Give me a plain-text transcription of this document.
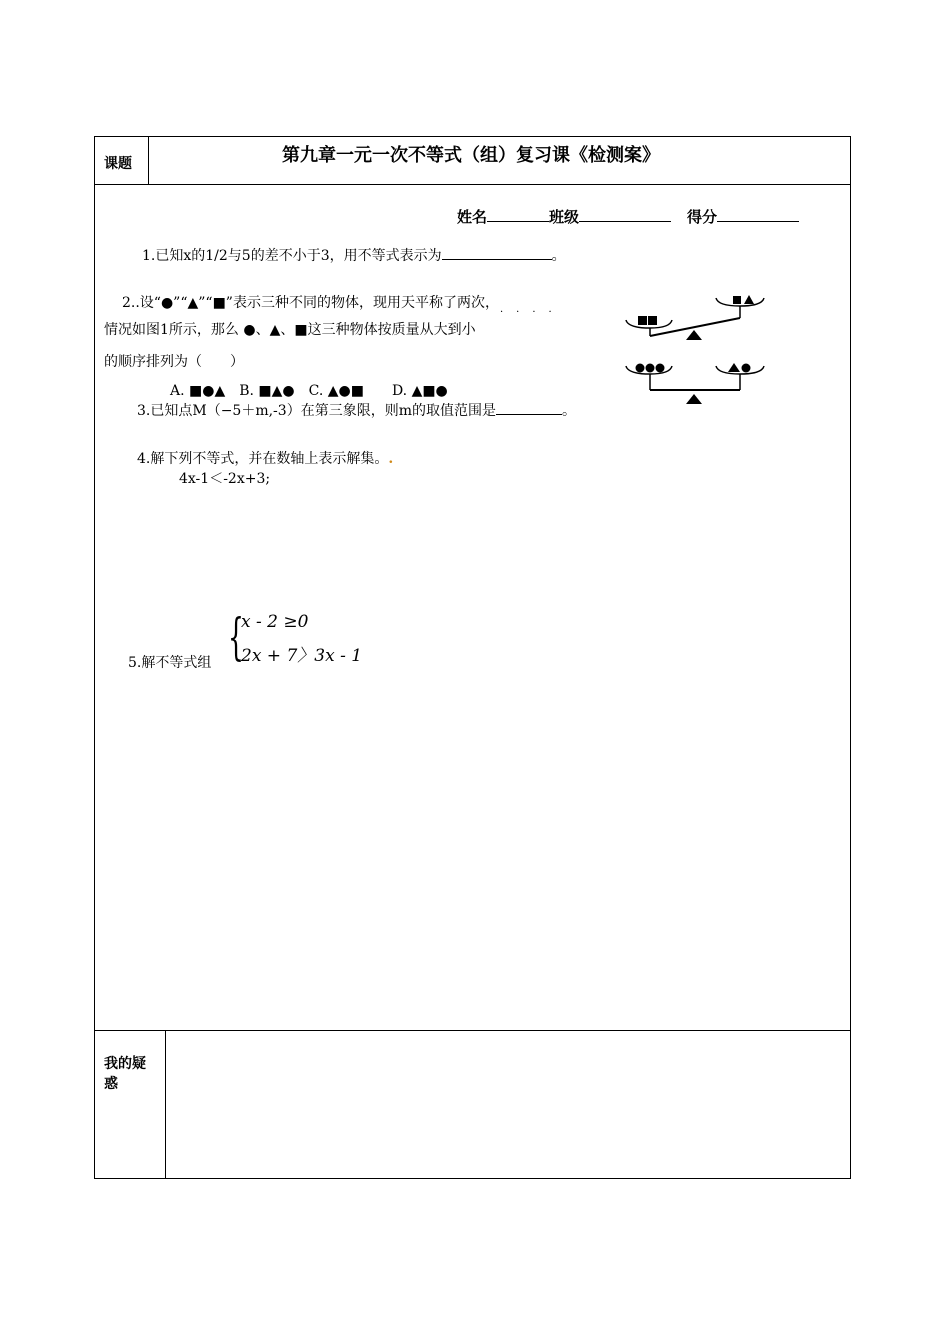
课题	第九章一元一次不等式（组）复习课《检测案》
姓名	班级	得分
1.已知x的1/2与5的差不小于3，用不等式表示为	。
2..设“●”“▲”“■”表示三种不同的物体，现用天平称了两次，
情况如图1所示，那么 ●、▲、■这三种物体按质量从大到小
的顺序排列为（　　）
A. ■●▲　B. ■▲●　C. ▲●■　　D. ▲■●
····
3.已知点M（−5＋m,-3）在第三象限，则m的取值范围是	。
4.解下列不等式，并在数轴上表示解集。.
4x-1＜-2x+3;
5.解不等式组 {
x - 2 ≥0
2x + 7〉3x - 1
我的疑
惑
